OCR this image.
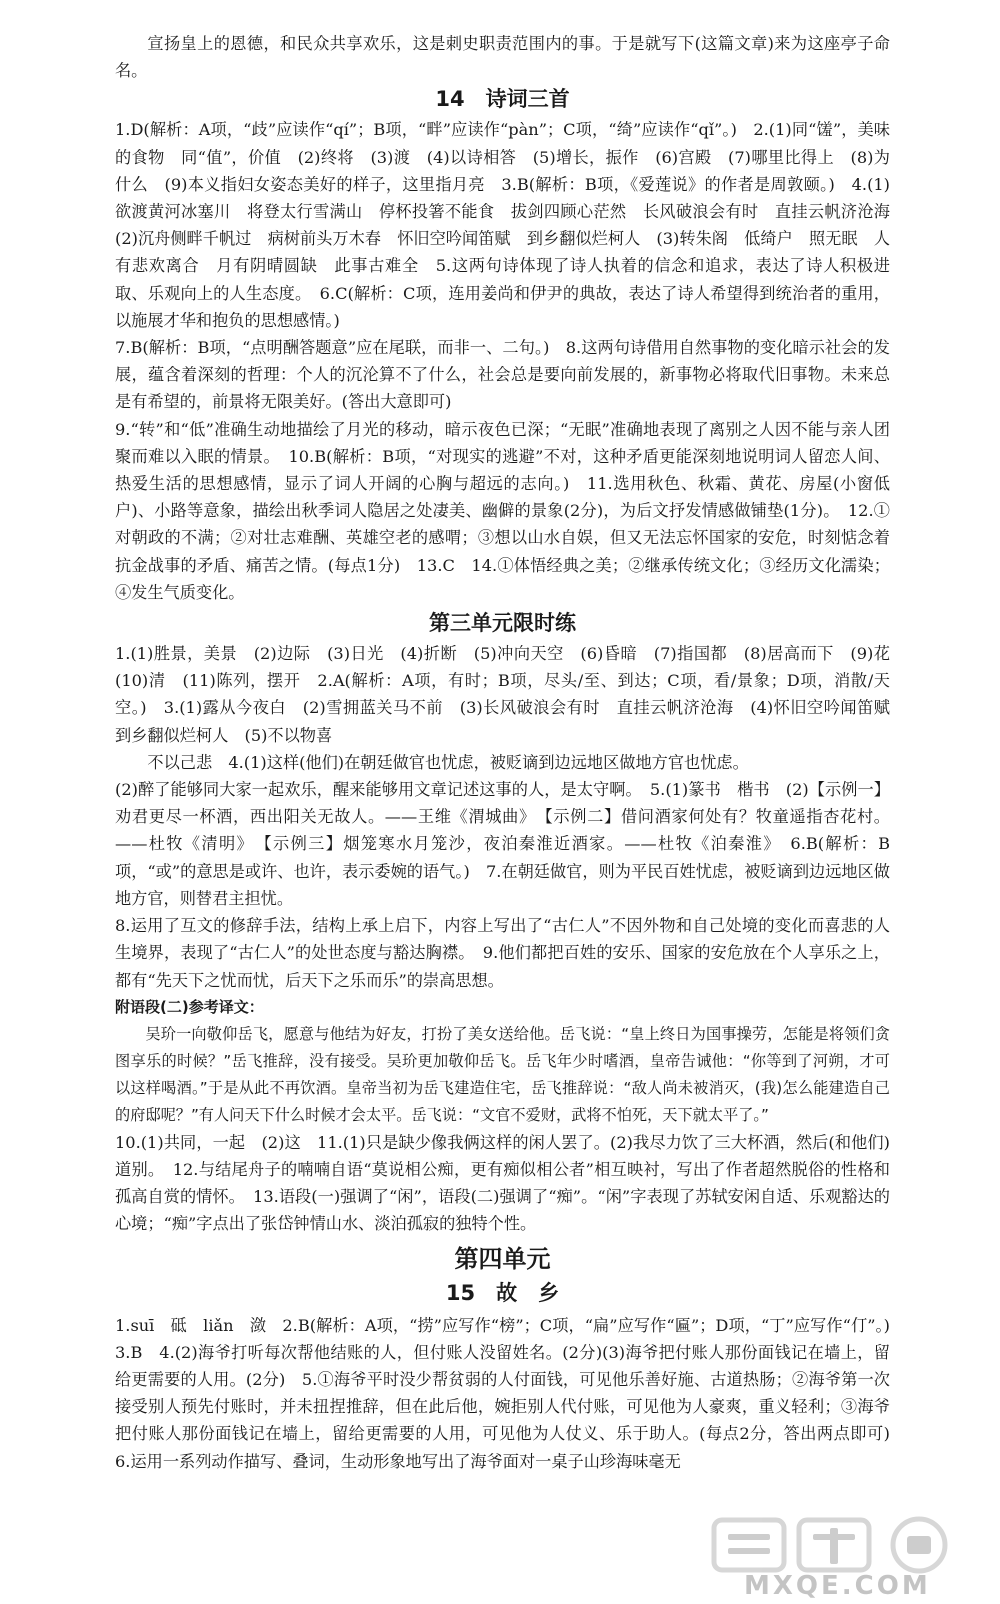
宣扬皇上的恩德，和民众共享欢乐，这是刺史职责范围内的事。于是就写下(这篇文章)来为这座亭子命名。

14　诗词三首

1.D(解析：A项，“歧”应读作“qí”；B项，“畔”应读作“pàn”；C项，“绮”应读作“qǐ”。)　2.(1)同“馐”，美味的食物　同“值”，价值　(2)终将　(3)渡　(4)以诗相答　(5)增长，振作　(6)宫殿　(7)哪里比得上　(8)为什么　(9)本义指妇女姿态美好的样子，这里指月亮　3.B(解析：B项，《爱莲说》的作者是周敦颐。)　4.(1)欲渡黄河冰塞川　将登太行雪满山　停杯投箸不能食　拔剑四顾心茫然　长风破浪会有时　直挂云帆济沧海　(2)沉舟侧畔千帆过　病树前头万木春　怀旧空吟闻笛赋　到乡翻似烂柯人　(3)转朱阁　低绮户　照无眠　人有悲欢离合　月有阴晴圆缺　此事古难全　5.这两句诗体现了诗人执着的信念和追求，表达了诗人积极进取、乐观向上的人生态度。　6.C(解析：C项，连用姜尚和伊尹的典故，表达了诗人希望得到统治者的重用，以施展才华和抱负的思想感情。)

7.B(解析：B项，“点明酬答题意”应在尾联，而非一、二句。)　8.这两句诗借用自然事物的变化暗示社会的发展，蕴含着深刻的哲理：个人的沉沦算不了什么，社会总是要向前发展的，新事物必将取代旧事物。未来总是有希望的，前景将无限美好。(答出大意即可)

9.“转”和“低”准确生动地描绘了月光的移动，暗示夜色已深；“无眠”准确地表现了离别之人因不能与亲人团聚而难以入眠的情景。　10.B(解析：B项，“对现实的逃避”不对，这种矛盾更能深刻地说明词人留恋人间、热爱生活的思想感情，显示了词人开阔的心胸与超远的志向。)　11.选用秋色、秋霜、黄花、房屋(小窗低户)、小路等意象，描绘出秋季词人隐居之处凄美、幽僻的景象(2分)，为后文抒发情感做铺垫(1分)。　12.①对朝政的不满；②对壮志难酬、英雄空老的感喟；③想以山水自娱，但又无法忘怀国家的安危，时刻惦念着抗金战事的矛盾、痛苦之情。(每点1分)　13.C　14.①体悟经典之美；②继承传统文化；③经历文化濡染；④发生气质变化。

第三单元限时练

1.(1)胜景，美景　(2)边际　(3)日光　(4)折断　(5)冲向天空　(6)昏暗　(7)指国都　(8)居高而下　(9)花　(10)清　(11)陈列，摆开　2.A(解析：A项，有时；B项，尽头/至、到达；C项，看/景象；D项，消散/天空。)　3.(1)露从今夜白　(2)雪拥蓝关马不前　(3)长风破浪会有时　直挂云帆济沧海　(4)怀旧空吟闻笛赋　到乡翻似烂柯人　(5)不以物喜

不以己悲　4.(1)这样(他们)在朝廷做官也忧虑，被贬谪到边远地区做地方官也忧虑。

(2)醉了能够同大家一起欢乐，醒来能够用文章记述这事的人，是太守啊。　5.(1)篆书　楷书　(2)【示例一】劝君更尽一杯酒，西出阳关无故人。——王维《渭城曲》　【示例二】借问酒家何处有？牧童遥指杏花村。——杜牧《清明》　【示例三】烟笼寒水月笼沙，夜泊秦淮近酒家。——杜牧《泊秦淮》　6.B(解析：B项，“或”的意思是或许、也许，表示委婉的语气。)　7.在朝廷做官，则为平民百姓忧虑，被贬谪到边远地区做地方官，则替君主担忧。

8.运用了互文的修辞手法，结构上承上启下，内容上写出了“古仁人”不因外物和自己处境的变化而喜悲的人生境界，表现了“古仁人”的处世态度与豁达胸襟。　9.他们都把百姓的安乐、国家的安危放在个人享乐之上，都有“先天下之忧而忧，后天下之乐而乐”的崇高思想。

附语段(二)参考译文：

吴玠一向敬仰岳飞，愿意与他结为好友，打扮了美女送给他。岳飞说：“皇上终日为国事操劳，怎能是将领们贪图享乐的时候？”岳飞推辞，没有接受。吴玠更加敬仰岳飞。岳飞年少时嗜酒，皇帝告诫他：“你等到了河朔，才可以这样喝酒。”于是从此不再饮酒。皇帝当初为岳飞建造住宅，岳飞推辞说：“敌人尚未被消灭，(我)怎么能建造自己的府邸呢？”有人问天下什么时候才会太平。岳飞说：“文官不爱财，武将不怕死，天下就太平了。”

10.(1)共同，一起　(2)这　11.(1)只是缺少像我俩这样的闲人罢了。(2)我尽力饮了三大杯酒，然后(和他们)道别。　12.与结尾舟子的喃喃自语“莫说相公痴，更有痴似相公者”相互映衬，写出了作者超然脱俗的性格和孤高自赏的情怀。　13.语段(一)强调了“闲”，语段(二)强调了“痴”。“闲”字表现了苏轼安闲自适、乐观豁达的心境；“痴”字点出了张岱钟情山水、淡泊孤寂的独特个性。

第四单元
15　故　乡

1.suī　砥　liǎn　潋　2.B(解析：A项，“捞”应写作“榜”；C项，“扁”应写作“匾”；D项，“丁”应写作“仃”。)　3.B　4.(2)海爷打听每次帮他结账的人，但付账人没留姓名。(2分)(3)海爷把付账人那份面钱记在墙上，留给更需要的人用。(2分)　5.①海爷平时没少帮贫弱的人付面钱，可见他乐善好施、古道热肠；②海爷第一次接受别人预先付账时，并未扭捏推辞，但在此后他，婉拒别人代付账，可见他为人豪爽，重义轻利；③海爷把付账人那份面钱记在墙上，留给更需要的人用，可见他为人仗义、乐于助人。(每点2分，答出两点即可)　6.运用一系列动作描写、叠词，生动形象地写出了海爷面对一桌子山珍海味毫无

MXQE.COM
